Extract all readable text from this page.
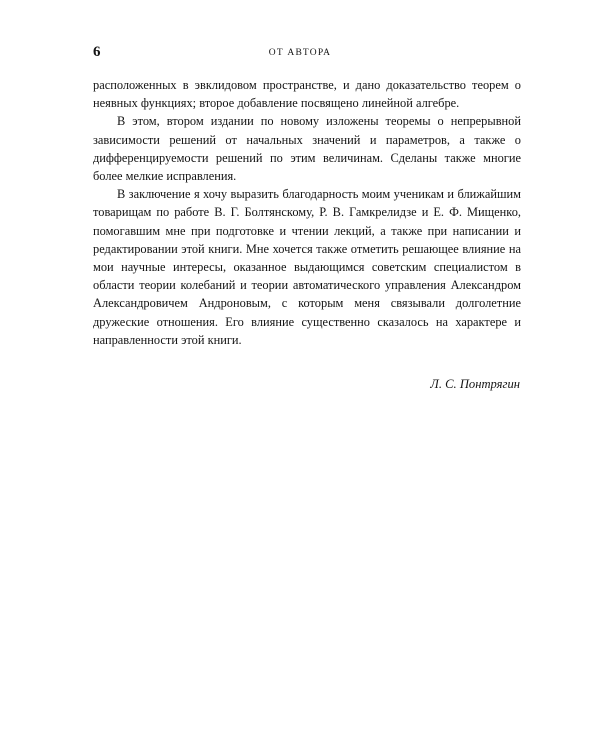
6	ОТ АВТОРА

расположенных в эвклидовом пространстве, и дано доказательство теорем о неявных функциях; второе добавление посвящено линейной алгебре.

В этом, втором издании по новому изложены теоремы о непрерывной зависимости решений от начальных значений и параметров, а также о дифференцируемости решений по этим величинам. Сделаны также многие более мелкие исправления.

В заключение я хочу выразить благодарность моим ученикам и ближайшим товарищам по работе В. Г. Болтянскому, Р. В. Гамкрелидзе и Е. Ф. Мищенко, помогавшим мне при подготовке и чтении лекций, а также при написании и редактировании этой книги. Мне хочется также отметить решающее влияние на мои научные интересы, оказанное выдающимся советским специалистом в области теории колебаний и теории автоматического управления Александром Александровичем Андроновым, с которым меня связывали долголетние дружеские отношения. Его влияние существенно сказалось на характере и направленности этой книги.

Л. С. Понтрягин
